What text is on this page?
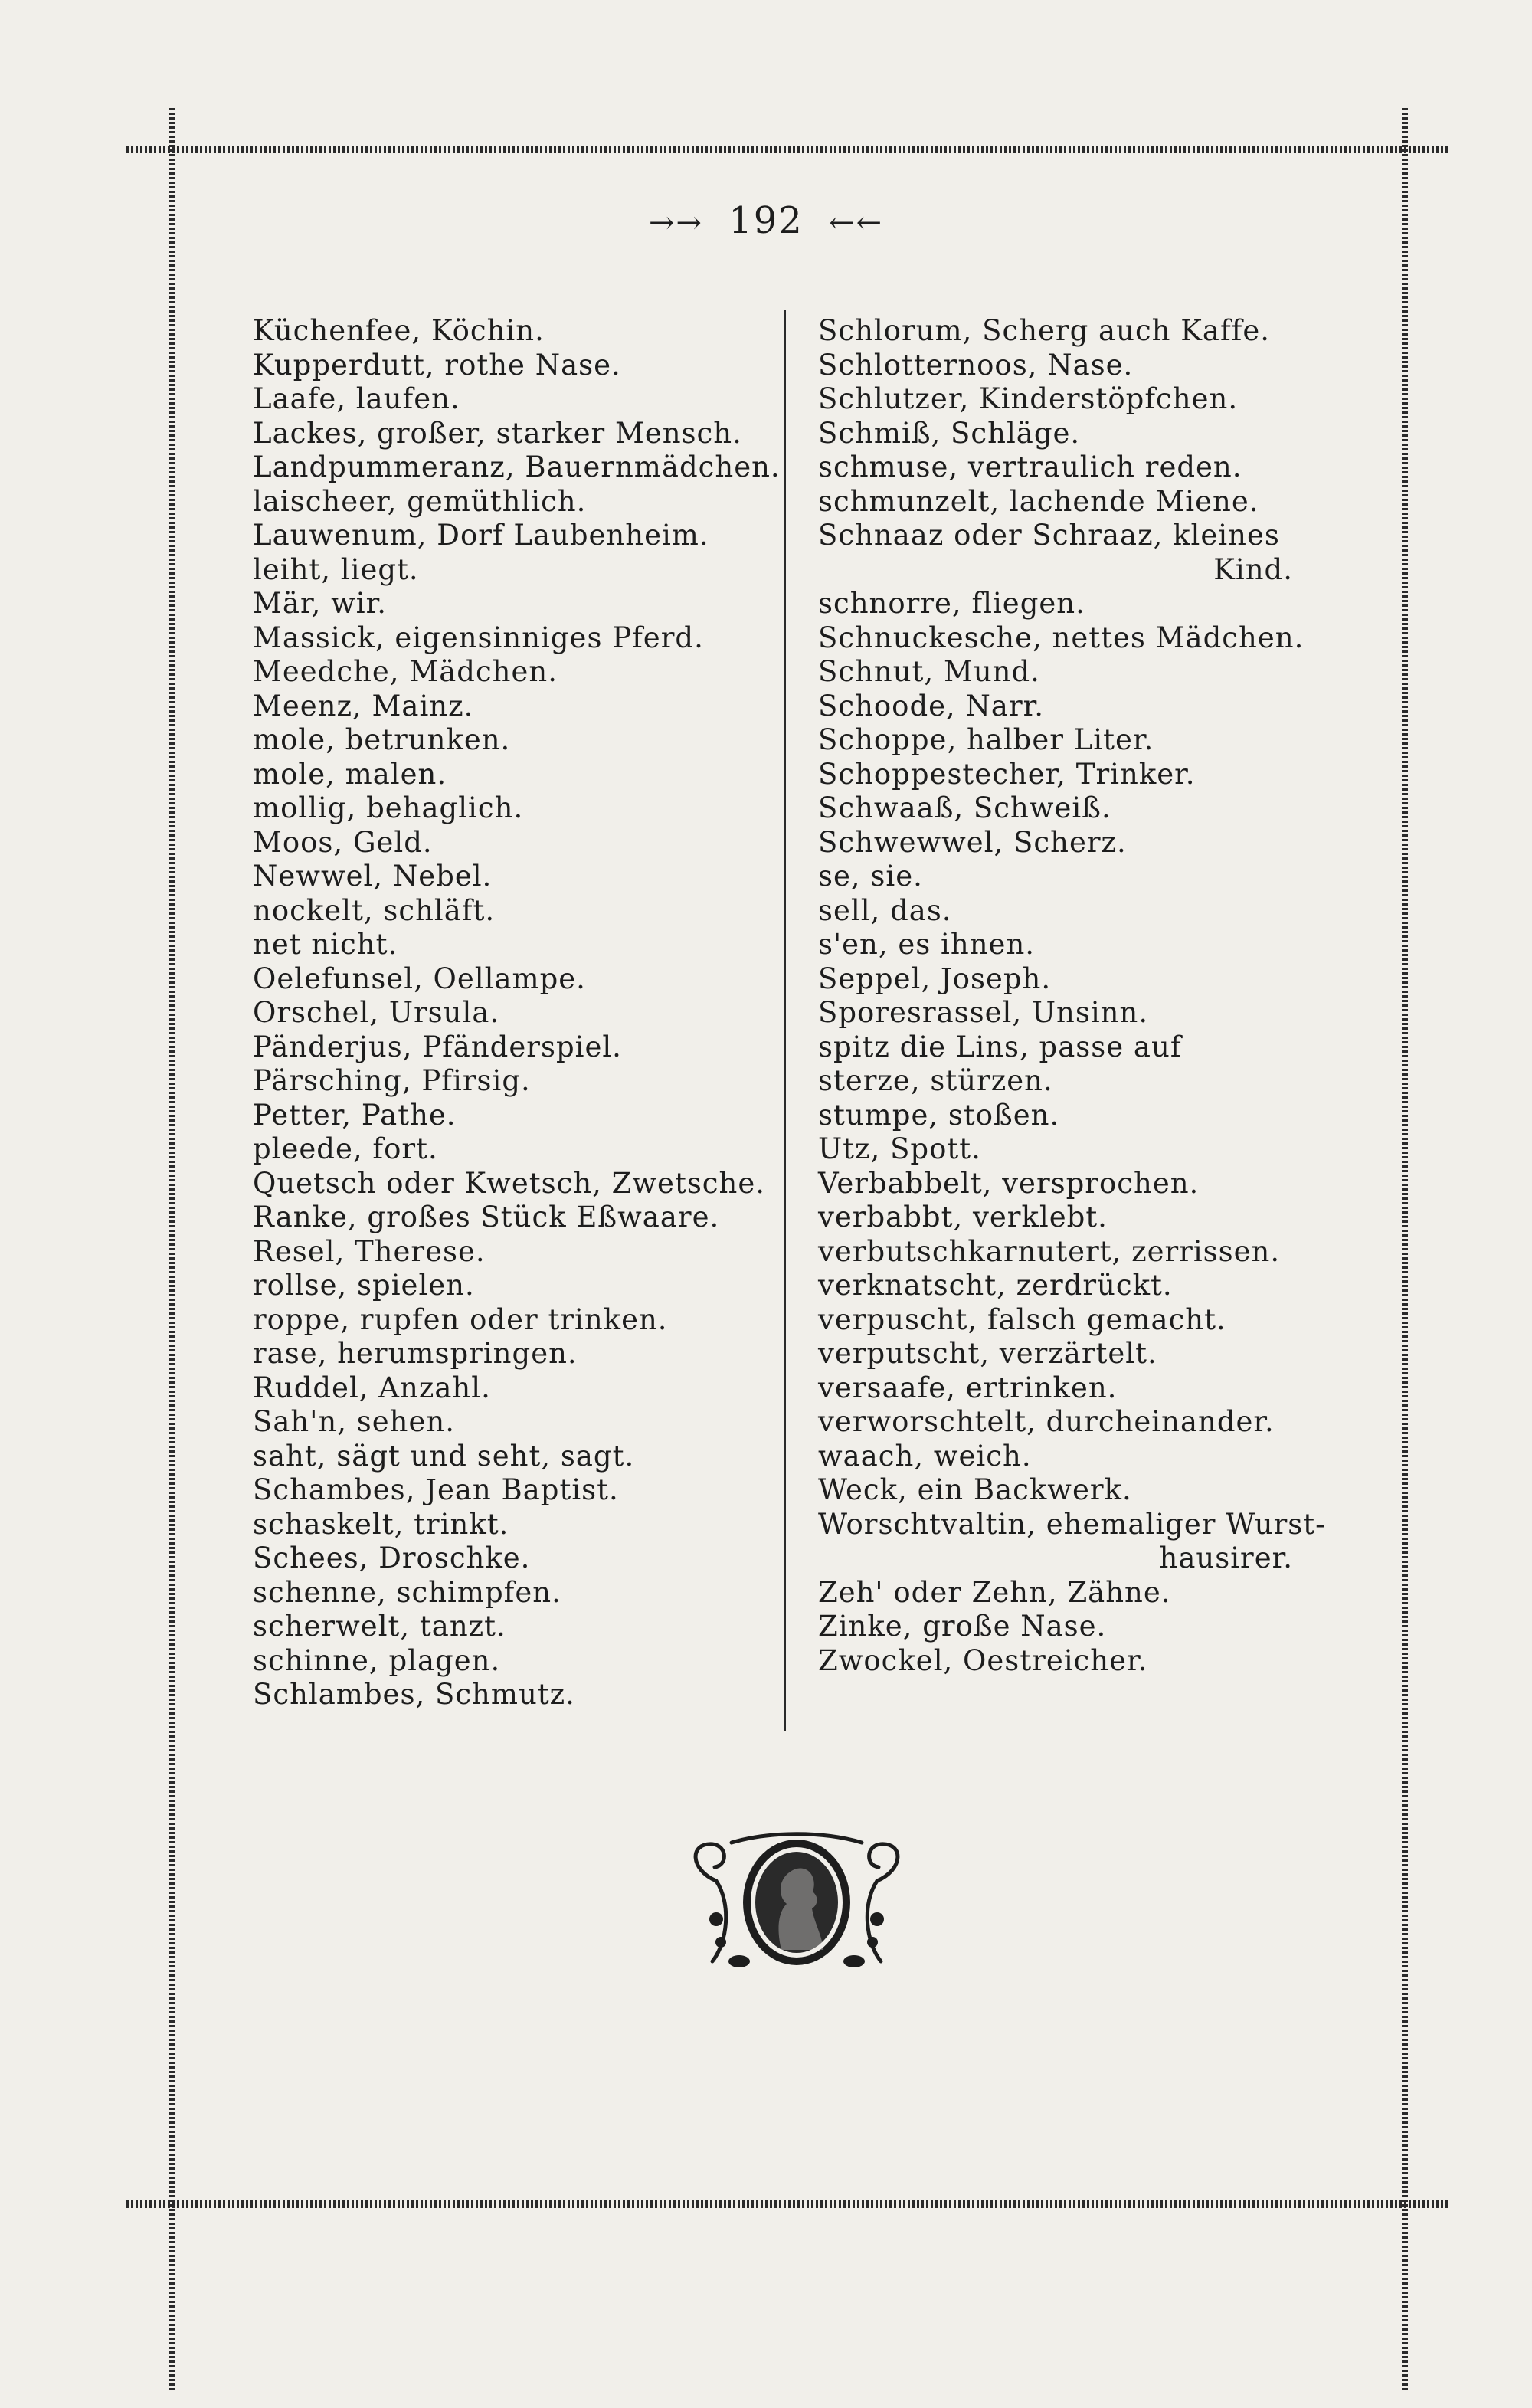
→→ 192 ←←
Küchenfee, Köchin.
Kupperdutt, rothe Nase.
Laafe, laufen.
Lackes, großer, starker Mensch.
Landpummeranz, Bauernmädchen.
laischeer, gemüthlich.
Lauwenum, Dorf Laubenheim.
leiht, liegt.
Mär, wir.
Massick, eigensinniges Pferd.
Meedche, Mädchen.
Meenz, Mainz.
mole, betrunken.
mole, malen.
mollig, behaglich.
Moos, Geld.
Newwel, Nebel.
nockelt, schläft.
net nicht.
Oelefunsel, Oellampe.
Orschel, Ursula.
Pänderjus, Pfänderspiel.
Pärsching, Pfirsig.
Petter, Pathe.
pleede, fort.
Quetsch oder Kwetsch, Zwetsche.
Ranke, großes Stück Eßwaare.
Resel, Therese.
rollse, spielen.
roppe, rupfen oder trinken.
rase, herumspringen.
Ruddel, Anzahl.
Sah'n, sehen.
saht, sägt und seht, sagt.
Schambes, Jean Baptist.
schaskelt, trinkt.
Schees, Droschke.
schenne, schimpfen.
scherwelt, tanzt.
schinne, plagen.
Schlambes, Schmutz.
Schlorum, Scherg auch Kaffe.
Schlotternoos, Nase.
Schlutzer, Kinderstöpfchen.
Schmiß, Schläge.
schmuse, vertraulich reden.
schmunzelt, lachende Miene.
Schnaaz oder Schraaz, kleines
Kind.
schnorre, fliegen.
Schnuckesche, nettes Mädchen.
Schnut, Mund.
Schoode, Narr.
Schoppe, halber Liter.
Schoppestecher, Trinker.
Schwaaß, Schweiß.
Schwewwel, Scherz.
se, sie.
sell, das.
s'en, es ihnen.
Seppel, Joseph.
Sporesrassel, Unsinn.
spitz die Lins, passe auf
sterze, stürzen.
stumpe, stoßen.
Utz, Spott.
Verbabbelt, versprochen.
verbabbt, verklebt.
verbutschkarnutert, zerrissen.
verknatscht, zerdrückt.
verpuscht, falsch gemacht.
verputscht, verzärtelt.
versaafe, ertrinken.
verworschtelt, durcheinander.
waach, weich.
Weck, ein Backwerk.
Worschtvaltin, ehemaliger Wurst-
hausirer.
Zeh' oder Zehn, Zähne.
Zinke, große Nase.
Zwockel, Oestreicher.
